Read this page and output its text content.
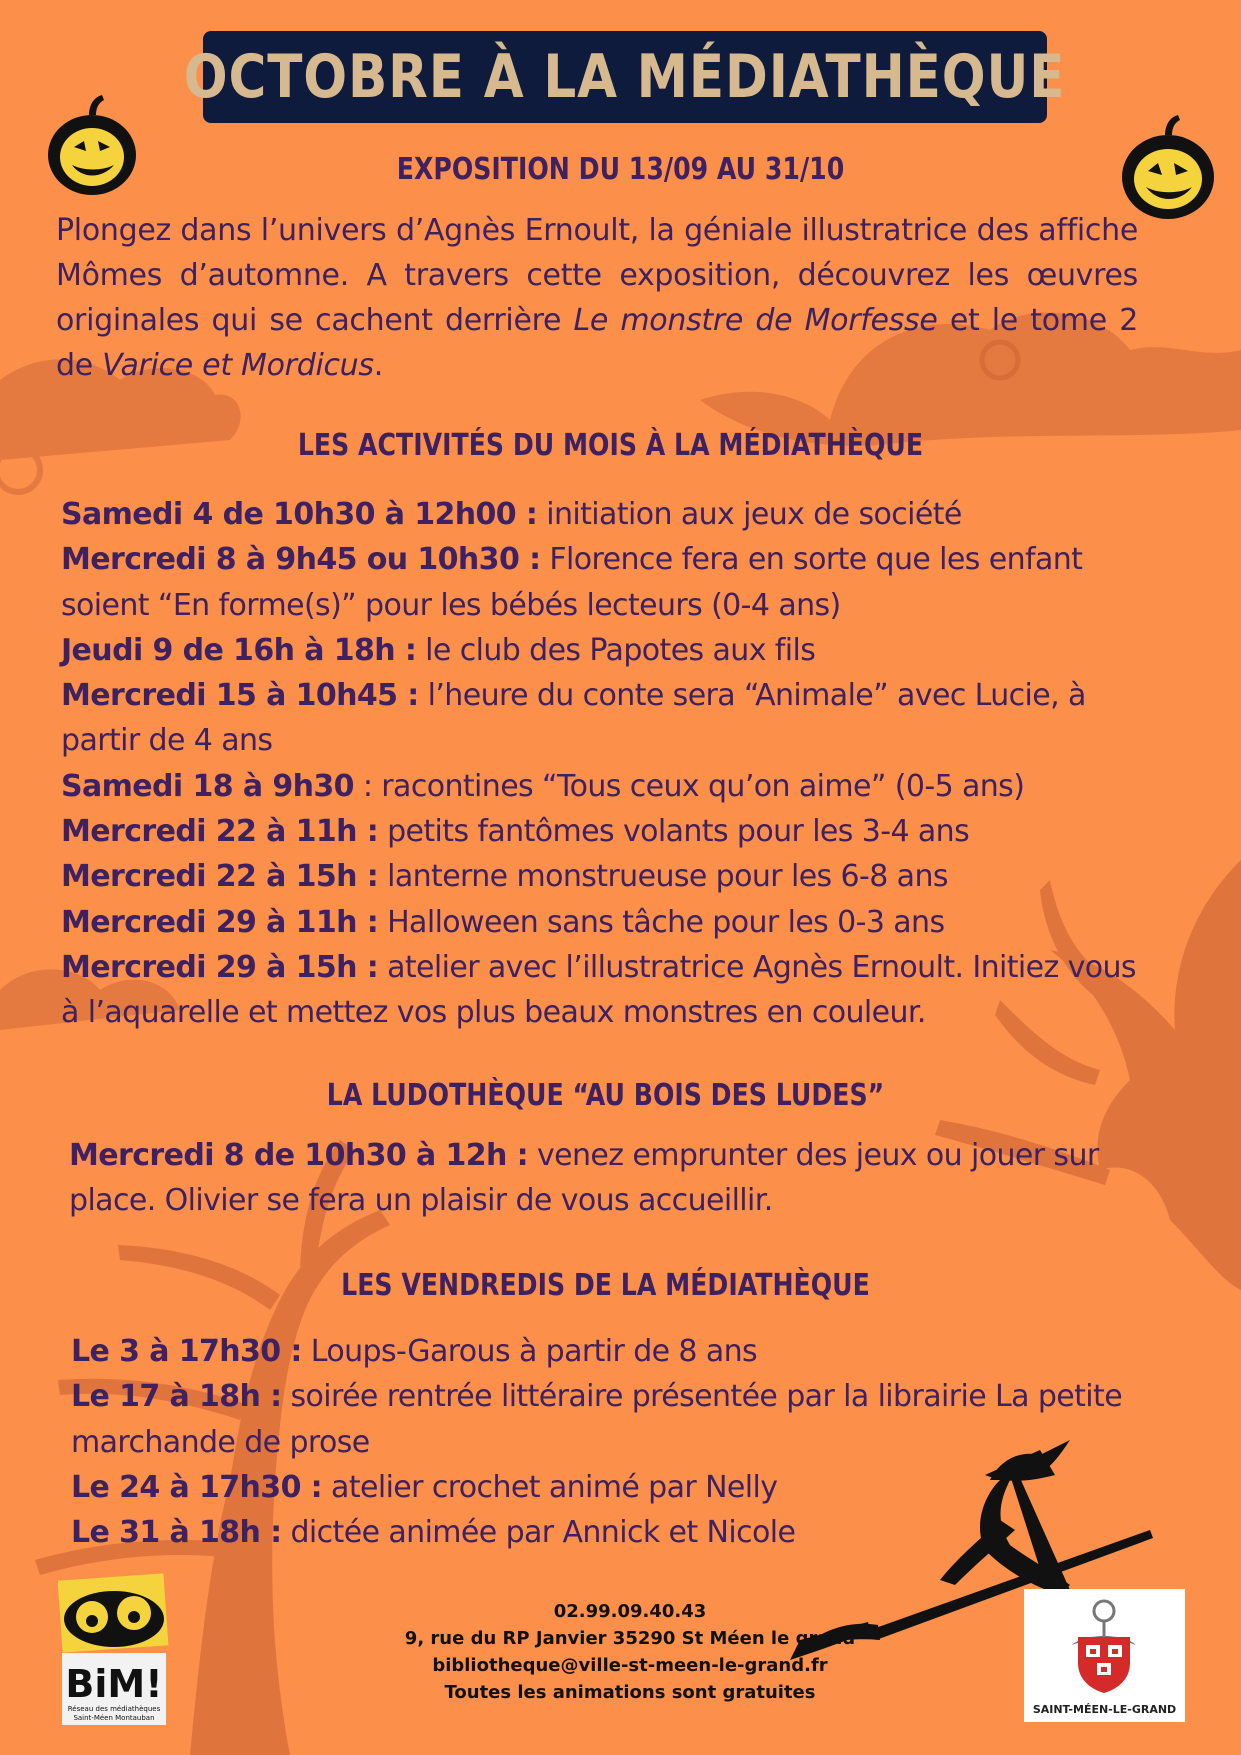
OCTOBRE À LA MÉDIATHÈQUE
EXPOSITION DU 13/09 AU 31/10

Plongez dans l’univers d’Agnès Ernoult, la géniale illustratrice des affiche Mômes d’automne. A travers cette exposition, découvrez les œuvres originales qui se cachent derrière Le monstre de Morfesse et le tome 2 de Varice et Mordicus.

LES ACTIVITÉS DU MOIS À LA MÉDIATHÈQUE
Samedi 4 de 10h30 à 12h00 : initiation aux jeux de société
Mercredi 8 à 9h45 ou 10h30 : Florence fera en sorte que les enfant soient “En forme(s)” pour les bébés lecteurs (0-4 ans)
Jeudi 9 de 16h à 18h : le club des Papotes aux fils
Mercredi 15 à 10h45 : l’heure du conte sera “Animale” avec Lucie, à partir de 4 ans
Samedi 18 à 9h30 : racontines “Tous ceux qu’on aime” (0-5 ans)
Mercredi 22 à 11h : petits fantômes volants pour les 3-4 ans
Mercredi 22 à 15h : lanterne monstrueuse pour les 6-8 ans
Mercredi 29 à 11h : Halloween sans tâche pour les 0-3 ans
Mercredi 29 à 15h : atelier avec l’illustratrice Agnès Ernoult. Initiez vous à l’aquarelle et mettez vos plus beaux monstres en couleur.
LA LUDOTHÈQUE “AU BOIS DES LUDES”
Mercredi 8 de 10h30 à 12h : venez emprunter des jeux ou jouer sur place. Olivier se fera un plaisir de vous accueillir.
LES VENDREDIS DE LA MÉDIATHÈQUE
Le 3 à 17h30 : Loups-Garous à partir de 8 ans
Le 17 à 18h : soirée rentrée littéraire présentée par la librairie La petite marchande de prose
Le 24 à 17h30 : atelier crochet animé par Nelly
Le 31 à 18h : dictée animée par Annick et Nicole
02.99.09.40.43
9, rue du RP Janvier 35290 St Méen le grand
bibliotheque@ville-st-meen-le-grand.fr
Toutes les animations sont gratuites
BiM!
Réseau des médiathèques
Saint-Méen Montauban
SAINT-MÉEN-LE-GRAND
